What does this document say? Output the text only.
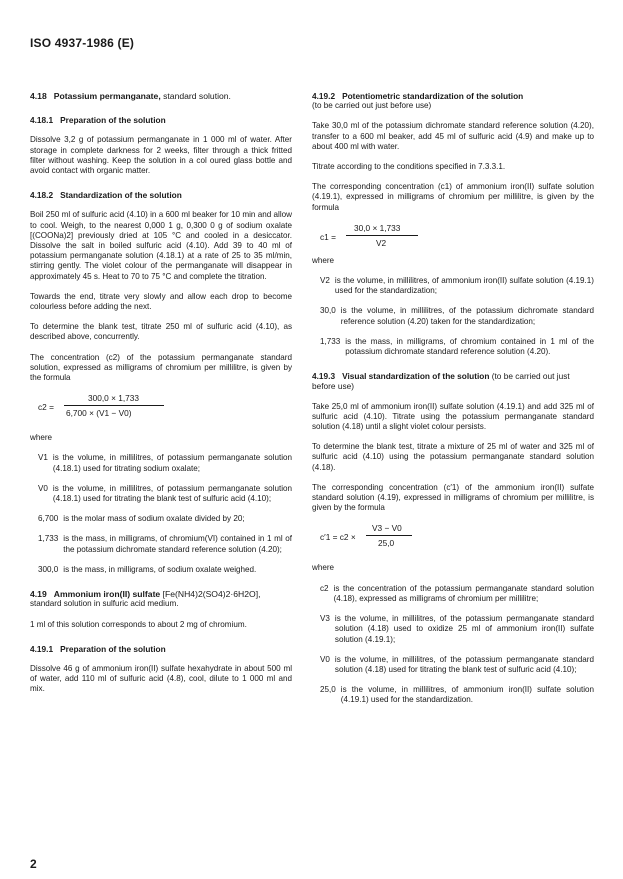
ISO 4937-1986 (E)

4.18 Potassium permanganate, standard solution.

4.18.1 Preparation of the solution

Dissolve 3,2 g of potassium permanganate in 1 000 ml of water. After storage in complete darkness for 2 weeks, filter through a thick fritted filter without washing. Keep the solution in a col oured glass bottle and avoid contact with organic matter.

4.18.2 Standardization of the solution

Boil 250 ml of sulfuric acid (4.10) in a 600 ml beaker for 10 min and allow to cool. Weigh, to the nearest 0,000 1 g, 0,300 0 g of sodium oxalate [(COONa)2] previously dried at 105 °C and cooled in a desiccator. Dissolve the salt in boiled sulfuric acid (4.10). Add 39 to 40 ml of potassium permanganate solution (4.18.1) at a rate of 25 to 35 ml/min, stirring gently. The violet colour of the permanganate will disappear in approximately 45 s. Heat to 70 to 75 °C and complete the titration.

Towards the end, titrate very slowly and allow each drop to become colourless before adding the next.

To determine the blank test, titrate 250 ml of sulfuric acid (4.10), as described above, concurrently.

The concentration (c2) of the potassium permanganate standard solution, expressed as milligrams of chromium per millilitre, is given by the formula

c2 =
300,0 × 1,733
6,700 × (V1 − V0)

where

V1 is the volume, in millilitres, of potassium permanganate solution (4.18.1) used for titrating sodium oxalate;
V0 is the volume, in millilitres, of potassium permanganate solution (4.18.1) used for titrating the blank test of sulfuric acid (4.10);
6,700 is the molar mass of sodium oxalate divided by 20;
1,733 is the mass, in milligrams, of chromium(VI) contained in 1 ml of the potassium dichromate standard reference solution (4.20);
300,0 is the mass, in milligrams, of sodium oxalate weighed.

4.19 Ammonium iron(II) sulfate [Fe(NH4)2(SO4)2·6H2O],

standard solution in sulfuric acid medium.

1 ml of this solution corresponds to about 2 mg of chromium.

4.19.1 Preparation of the solution

Dissolve 46 g of ammonium iron(II) sulfate hexahydrate in about 500 ml of water, add 110 ml of sulfuric acid (4.8), cool, dilute to 1 000 ml and mix.

4.19.2 Potentiometric standardization of the solution

(to be carried out just before use)

Take 30,0 ml of the potassium dichromate standard reference solution (4.20), transfer to a 600 ml beaker, add 45 ml of sulfuric acid (4.9) and make up to about 400 ml with water.

Titrate according to the conditions specified in 7.3.3.1.

The corresponding concentration (c1) of ammonium iron(II) sulfate solution (4.19.1), expressed in milligrams of chromium per millilitre, is given by the formula

c1 =
30,0 × 1,733
V2

where

V2 is the volume, in millilitres, of ammonium iron(II) sulfate solution (4.19.1) used for the standardization;
30,0 is the volume, in millilitres, of the potassium dichromate standard reference solution (4.20) taken for the standardization;
1,733 is the mass, in milligrams, of chromium contained in 1 ml of the potassium dichromate standard reference solution (4.20).

4.19.3 Visual standardization of the solution (to be carried out just before use)

Take 25,0 ml of ammonium iron(II) sulfate solution (4.19.1) and add 325 ml of sulfuric acid (4.10). Titrate using the potassium permanganate standard solution (4.18) until a slight violet colour persists.

To determine the blank test, titrate a mixture of 25 ml of water and 325 ml of sulfuric acid (4.10) using the potassium permanganate standard solution (4.18).

The corresponding concentration (c′1) of the ammonium iron(II) sulfate standard solution (4.19), expressed in milligrams of chromium per millilitre, is given by the formula

c′1 = c2 ×
V3 − V0
25,0

where

c2 is the concentration of the potassium permanganate standard solution (4.18), expressed as milligrams of chromium per millilitre;
V3 is the volume, in millilitres, of the potassium permanganate standard solution (4.18) used to oxidize 25 ml of ammonium iron(II) sulfate solution (4.19.1);
V0 is the volume, in millilitres, of the potassium permanganate standard solution (4.18) used for titrating the blank test of sulfuric acid (4.10);
25,0 is the volume, in millilitres, of ammonium iron(II) sulfate solution (4.19.1) used for the standardization.
2
